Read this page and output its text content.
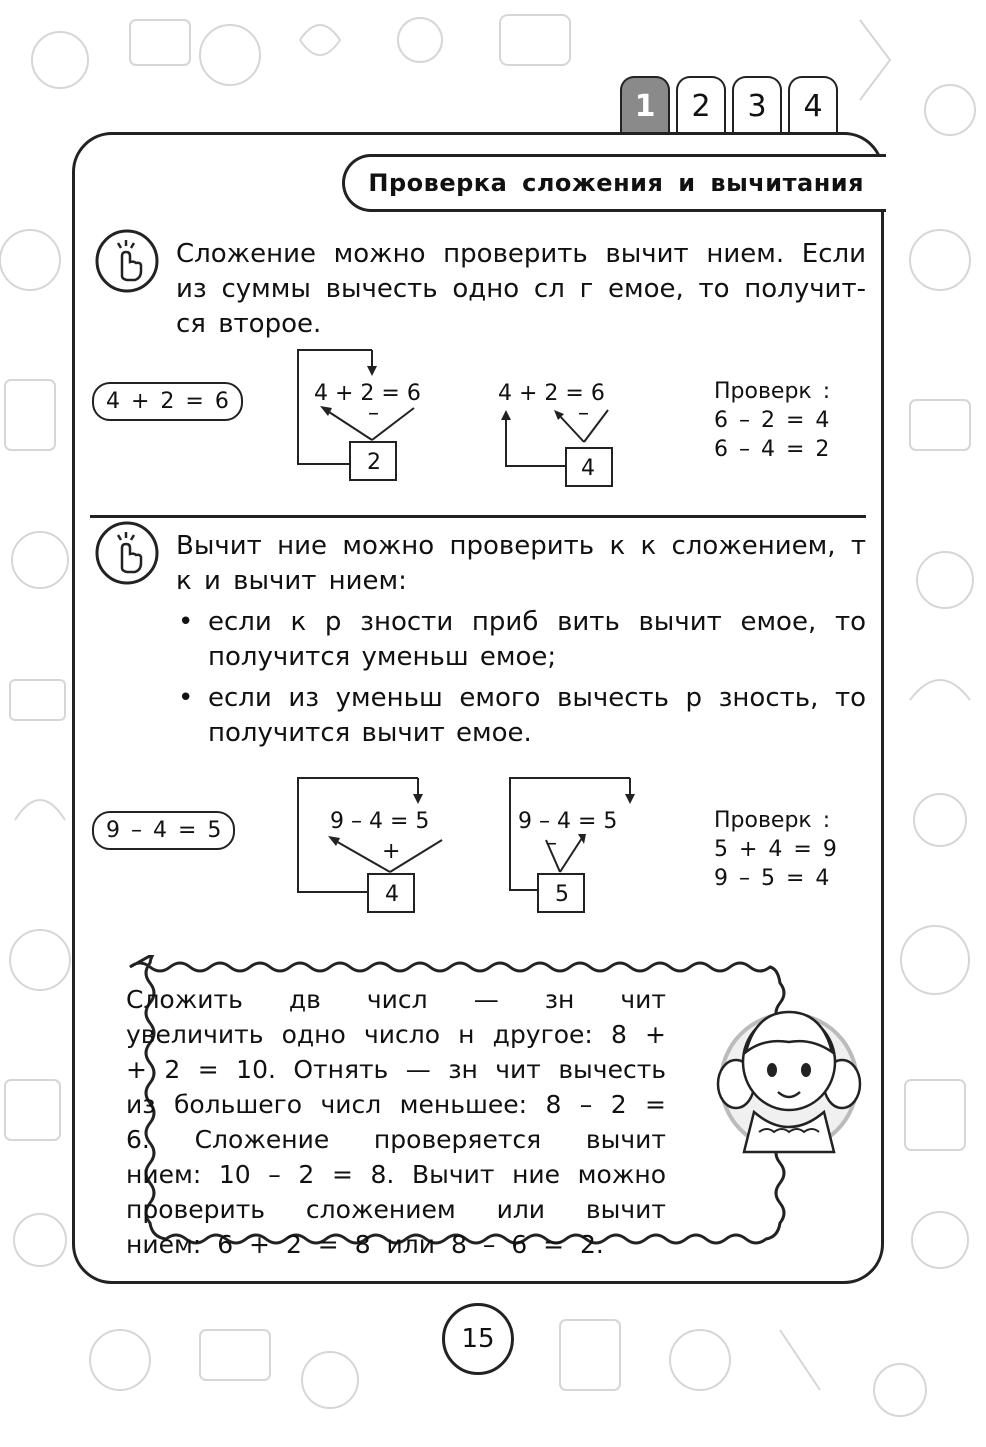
1	2	3	4
Проверка сложения и вычитания

Сложение можно проверить вычит нием. Если из суммы вычесть одно сл г емое, то получит-ся второе.

4 + 2 = 6	4 + 2 = 6
–
2
4 + 2 = 6
–
4
Проверк :
6 – 2 = 4
6 – 4 = 2

Вычит ние можно проверить к к сложением, т к и вычит нием:

• если к р зности приб вить вычит емое, то получится уменьш емое;
• если из уменьш емого вычесть р зность, то получится вычит емое.
9 – 4 = 5	9 – 4 = 5
+
4
9 – 4 = 5
–
5
Проверк :
5 + 4 = 9
9 – 5 = 4
Сложить дв числ — зн чит увеличить одно число н другое: 8 + + 2 = 10. Отнять — зн чит вычесть из большего числ меньшее: 8 – 2 = 6. Сложение проверяется вычит нием: 10 – 2 = 8. Вычит ние можно проверить сложением или вычит нием: 6 + 2 = 8 или 8 – 6 = 2.
15
